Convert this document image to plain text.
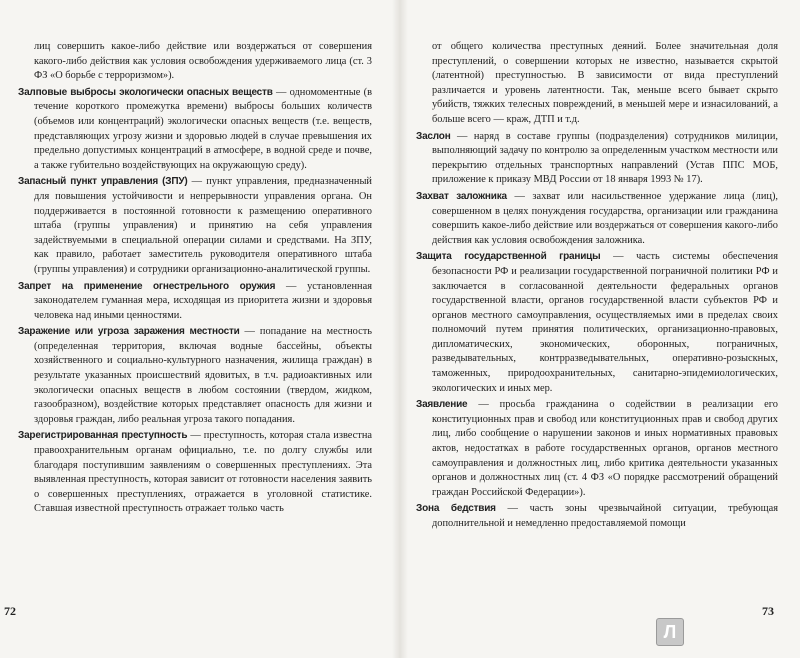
лиц совершить какое-либо действие или воздержаться от совершения какого-либо действия как условия освобождения удерживаемого лица (ст. 3 ФЗ «О борьбе с терроризмом»).

Залповые выбросы экологически опасных веществ — одномоментные (в течение короткого промежутка времени) выбросы больших количеств (объемов или концентраций) экологически опасных веществ (т.е. веществ, представляющих угрозу жизни и здоровью людей в случае превышения их предельно допустимых концентраций в атмосфере, в водной среде и почве, а также губительно воздействующих на окружающую среду).

Запасный пункт управления (ЗПУ) — пункт управления, предназначенный для повышения устойчивости и непрерывности управления органа. Он поддерживается в постоянной готовности к размещению оперативного штаба (группы управления) и принятию на себя управления задействуемыми в специальной операции силами и средствами. На ЗПУ, как правило, работает заместитель руководителя оперативного штаба (группы управления) и сотрудники организационно-аналитической группы.

Запрет на применение огнестрельного оружия — установленная законодателем гуманная мера, исходящая из приоритета жизни и здоровья человека над иными ценностями.

Заражение или угроза заражения местности — попадание на местность (определенная территория, включая водные бассейны, объекты хозяйственного и социально-культурного назначения, жилища граждан) в результате указанных происшествий ядовитых, в т.ч. радиоактивных или экологически опасных веществ в любом состоянии (твердом, жидком, газообразном), воздействие которых представляет опасность для жизни и здоровья граждан, либо реальная угроза такого попадания.

Зарегистрированная преступность — преступность, которая стала известна правоохранительным органам официально, т.е. по долгу службы или благодаря поступившим заявлениям о совершенных преступлениях. Эта выявленная преступность, которая зависит от готовности населения заявить о совершенных преступлениях, отражается в уголовной статистике. Ставшая известной преступность отражает только часть

от общего количества преступных деяний. Более значительная доля преступлений, о совершении которых не известно, называется скрытой (латентной) преступностью. В зависимости от вида преступлений различается и уровень латентности. Так, меньше всего бывает скрыто убийств, тяжких телесных повреждений, в меньшей мере и изнасилований, а больше всего — краж, ДТП и т.д.

Заслон — наряд в составе группы (подразделения) сотрудников милиции, выполняющий задачу по контролю за определенным участком местности или перекрытию отдельных транспортных направлений (Устав ППС МОБ, приложение к приказу МВД России от 18 января 1993 № 17).

Захват заложника — захват или насильственное удержание лица (лиц), совершенном в целях понуждения государства, организации или гражданина совершить какое-либо действие или воздержаться от совершения какого-либо действия как условия освобождения заложника.

Защита государственной границы — часть системы обеспечения безопасности РФ и реализации государственной пограничной политики РФ и заключается в согласованной деятельности федеральных органов государственной власти, органов государственной власти субъектов РФ и органов местного самоуправления, осуществляемых ими в пределах своих полномочий путем принятия политических, организационно-правовых, дипломатических, экономических, оборонных, пограничных, разведывательных, контрразведывательных, оперативно-розыскных, таможенных, природоохранительных, санитарно-эпидемиологических, экологических и иных мер.

Заявление — просьба гражданина о содействии в реализации его конституционных прав и свобод или конституционных прав и свобод других лиц, либо сообщение о нарушении законов и иных нормативных правовых актов, недостатках в работе государственных органов, органов местного самоуправления и должностных лиц, либо критика деятельности указанных органов и должностных лиц (ст. 4 ФЗ «О порядке рассмотрений обращений граждан Российской Федерации»).

Зона бедствия — часть зоны чрезвычайной ситуации, требующая дополнительной и немедленно предоставляемой помощи

72	73
Л
